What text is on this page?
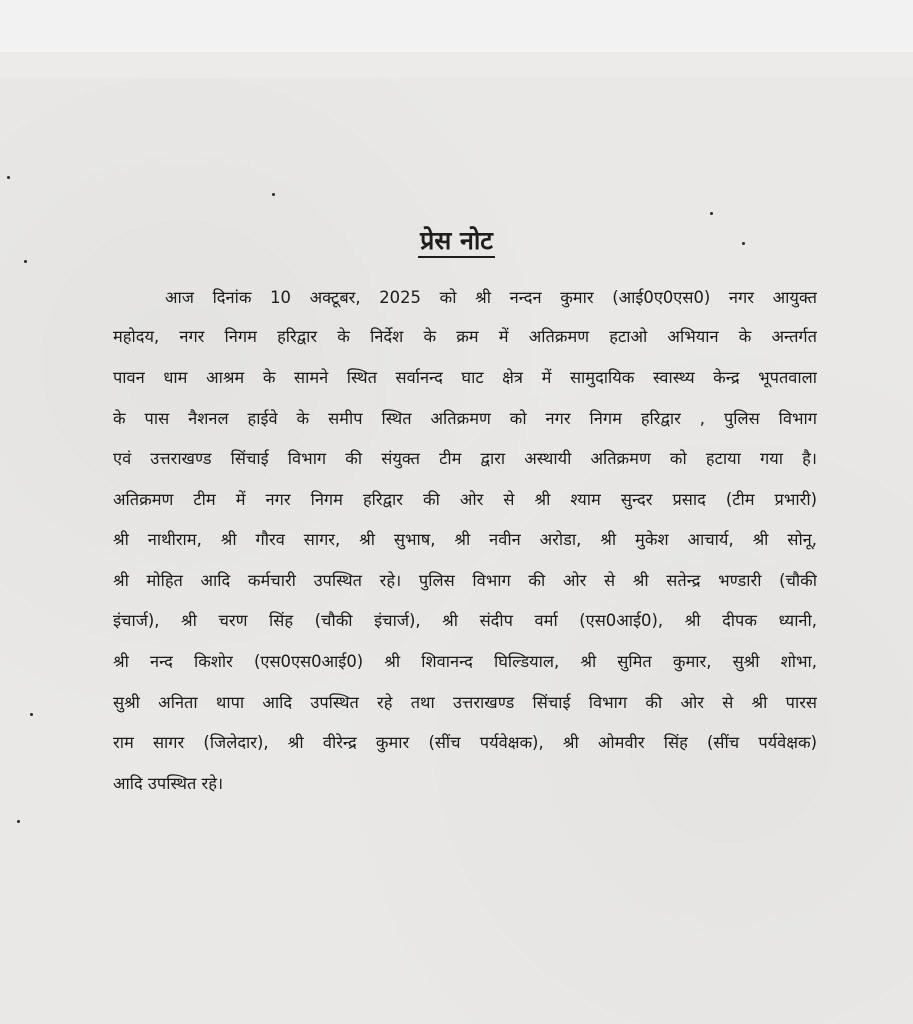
प्रेस नोट
आज दिनांक 10 अक्टूबर, 2025 को श्री नन्दन कुमार (आई0ए0एस0) नगर आयुक्त
महोदय, नगर निगम हरिद्वार के निर्देश के क्रम में अतिक्रमण हटाओ अभियान के अन्तर्गत
पावन धाम आश्रम के सामने स्थित सर्वानन्द घाट क्षेत्र में सामुदायिक स्वास्थ्य केन्द्र भूपतवाला
के पास नैशनल हाईवे के समीप स्थित अतिक्रमण को नगर निगम हरिद्वार , पुलिस विभाग
एवं उत्तराखण्ड सिंचाई विभाग की संयुक्त टीम द्वारा अस्थायी अतिक्रमण को हटाया गया है।
अतिक्रमण टीम में नगर निगम हरिद्वार की ओर से श्री श्याम सुन्दर प्रसाद (टीम प्रभारी)
श्री नाथीराम, श्री गौरव सागर, श्री सुभाष, श्री नवीन अरोडा, श्री मुकेश आचार्य, श्री सोनू,
श्री मोहित आदि कर्मचारी उपस्थित रहे। पुलिस विभाग की ओर से श्री सतेन्द्र भण्डारी (चौकी
इंचार्ज), श्री चरण सिंह (चौकी इंचार्ज), श्री संदीप वर्मा (एस0आई0), श्री दीपक ध्यानी,
श्री नन्द किशोर (एस0एस0आई0) श्री शिवानन्द घिल्डियाल, श्री सुमित कुमार, सुश्री शोभा,
सुश्री अनिता थापा आदि उपस्थित रहे तथा उत्तराखण्ड सिंचाई विभाग की ओर से श्री पारस
राम सागर (जिलेदार), श्री वीरेन्द्र कुमार (सींच पर्यवेक्षक), श्री ओमवीर सिंह (सींच पर्यवेक्षक)
आदि उपस्थित रहे।
